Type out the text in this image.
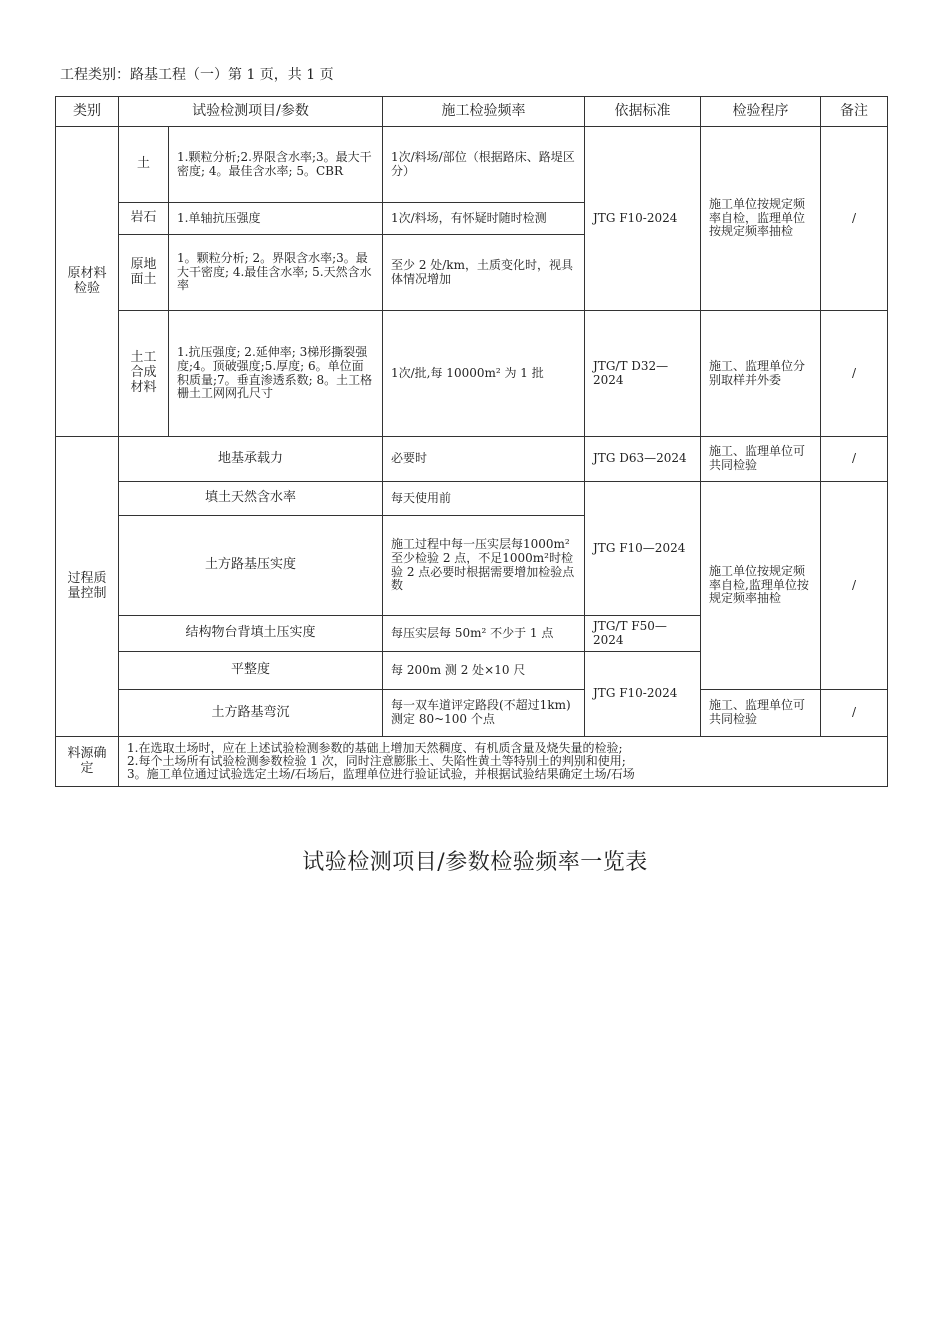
工程类别：路基工程（一）第 1 页，共 1 页
类别	试验检测项目/参数		施工检验频率	依据标准	检验程序	备注
原材料检验	土	1.颗粒分析;2.界限含水率;3。最大干密度; 4。最佳含水率; 5。CBR	1次/料场/部位（根据路床、路堤区分）	JTG F10-2024	施工单位按规定频率自检，监理单位按规定频率抽检	/
	岩石	1.单轴抗压强度	1次/料场，有怀疑时随时检测			
	原地面土	1。颗粒分析; 2。界限含水率;3。最大干密度; 4.最佳含水率; 5.天然含水率	至少 2 处/km，土质变化时，视具体情况增加			
	土工合成材料	1.抗压强度; 2.延伸率; 3梯形撕裂强度;4。顶破强度;5.厚度; 6。单位面积质量;7。垂直渗透系数; 8。土工格栅土工网网孔尺寸	1次/批,每 10000m² 为 1 批	JTG/T D32—2024	施工、监理单位分别取样并外委	/
过程质量控制	地基承载力		必要时	JTG D63—2024	施工、监理单位可共同检验	/
	填土天然含水率		每天使用前	JTG F10—2024	施工单位按规定频率自检,监理单位按规定频率抽检	/
	土方路基压实度		施工过程中每一压实层每1000m²至少检验 2 点，不足1000m²时检验 2 点必要时根据需要增加检验点数			
	结构物台背填土压实度		每压实层每 50m² 不少于 1 点	JTG/T F50—2024		
	平整度		每 200m 测 2 处×10 尺	JTG F10-2024		
	土方路基弯沉		每一双车道评定路段(不超过1km)测定 80~100 个点		施工、监理单位可共同检验	/
料源确定	1.在选取土场时，应在上述试验检测参数的基础上增加天然稠度、有机质含量及烧失量的检验;
2.每个土场所有试验检测参数检验 1 次，同时注意膨胀土、失陷性黄土等特别土的判别和使用;
3。施工单位通过试验选定土场/石场后，监理单位进行验证试验，并根据试验结果确定土场/石场					
试验检测项目/参数检验频率一览表
